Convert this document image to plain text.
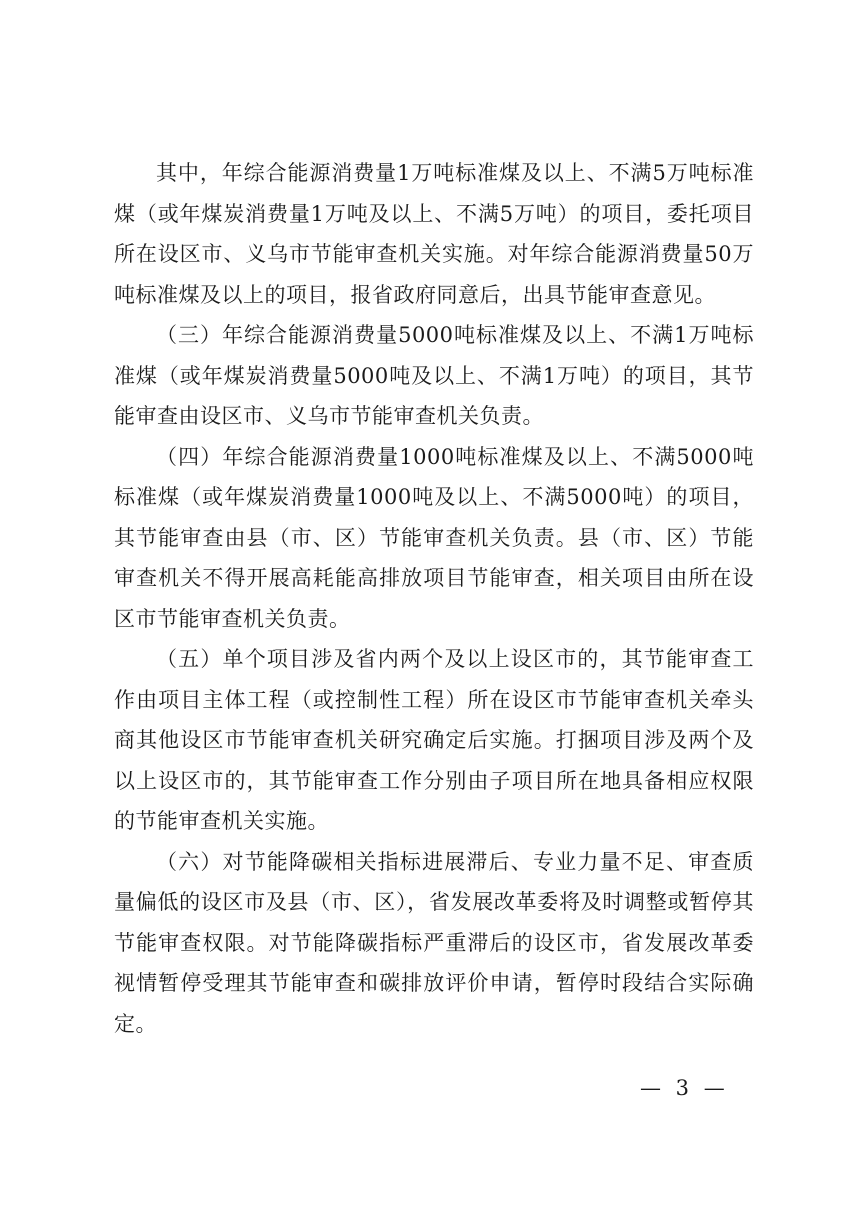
其中，年综合能源消费量1万吨标准煤及以上、不满5万吨标准煤（或年煤炭消费量1万吨及以上、不满5万吨）的项目，委托项目所在设区市、义乌市节能审查机关实施。对年综合能源消费量50万吨标准煤及以上的项目，报省政府同意后，出具节能审查意见。

（三）年综合能源消费量5000吨标准煤及以上、不满1万吨标准煤（或年煤炭消费量5000吨及以上、不满1万吨）的项目，其节能审查由设区市、义乌市节能审查机关负责。

（四）年综合能源消费量1000吨标准煤及以上、不满5000吨标准煤（或年煤炭消费量1000吨及以上、不满5000吨）的项目，其节能审查由县（市、区）节能审查机关负责。县（市、区）节能审查机关不得开展高耗能高排放项目节能审查，相关项目由所在设区市节能审查机关负责。

（五）单个项目涉及省内两个及以上设区市的，其节能审查工作由项目主体工程（或控制性工程）所在设区市节能审查机关牵头商其他设区市节能审查机关研究确定后实施。打捆项目涉及两个及以上设区市的，其节能审查工作分别由子项目所在地具备相应权限的节能审查机关实施。

（六）对节能降碳相关指标进展滞后、专业力量不足、审查质量偏低的设区市及县（市、区），省发展改革委将及时调整或暂停其节能审查权限。对节能降碳指标严重滞后的设区市，省发展改革委视情暂停受理其节能审查和碳排放评价申请，暂停时段结合实际确定。

— 3 —
